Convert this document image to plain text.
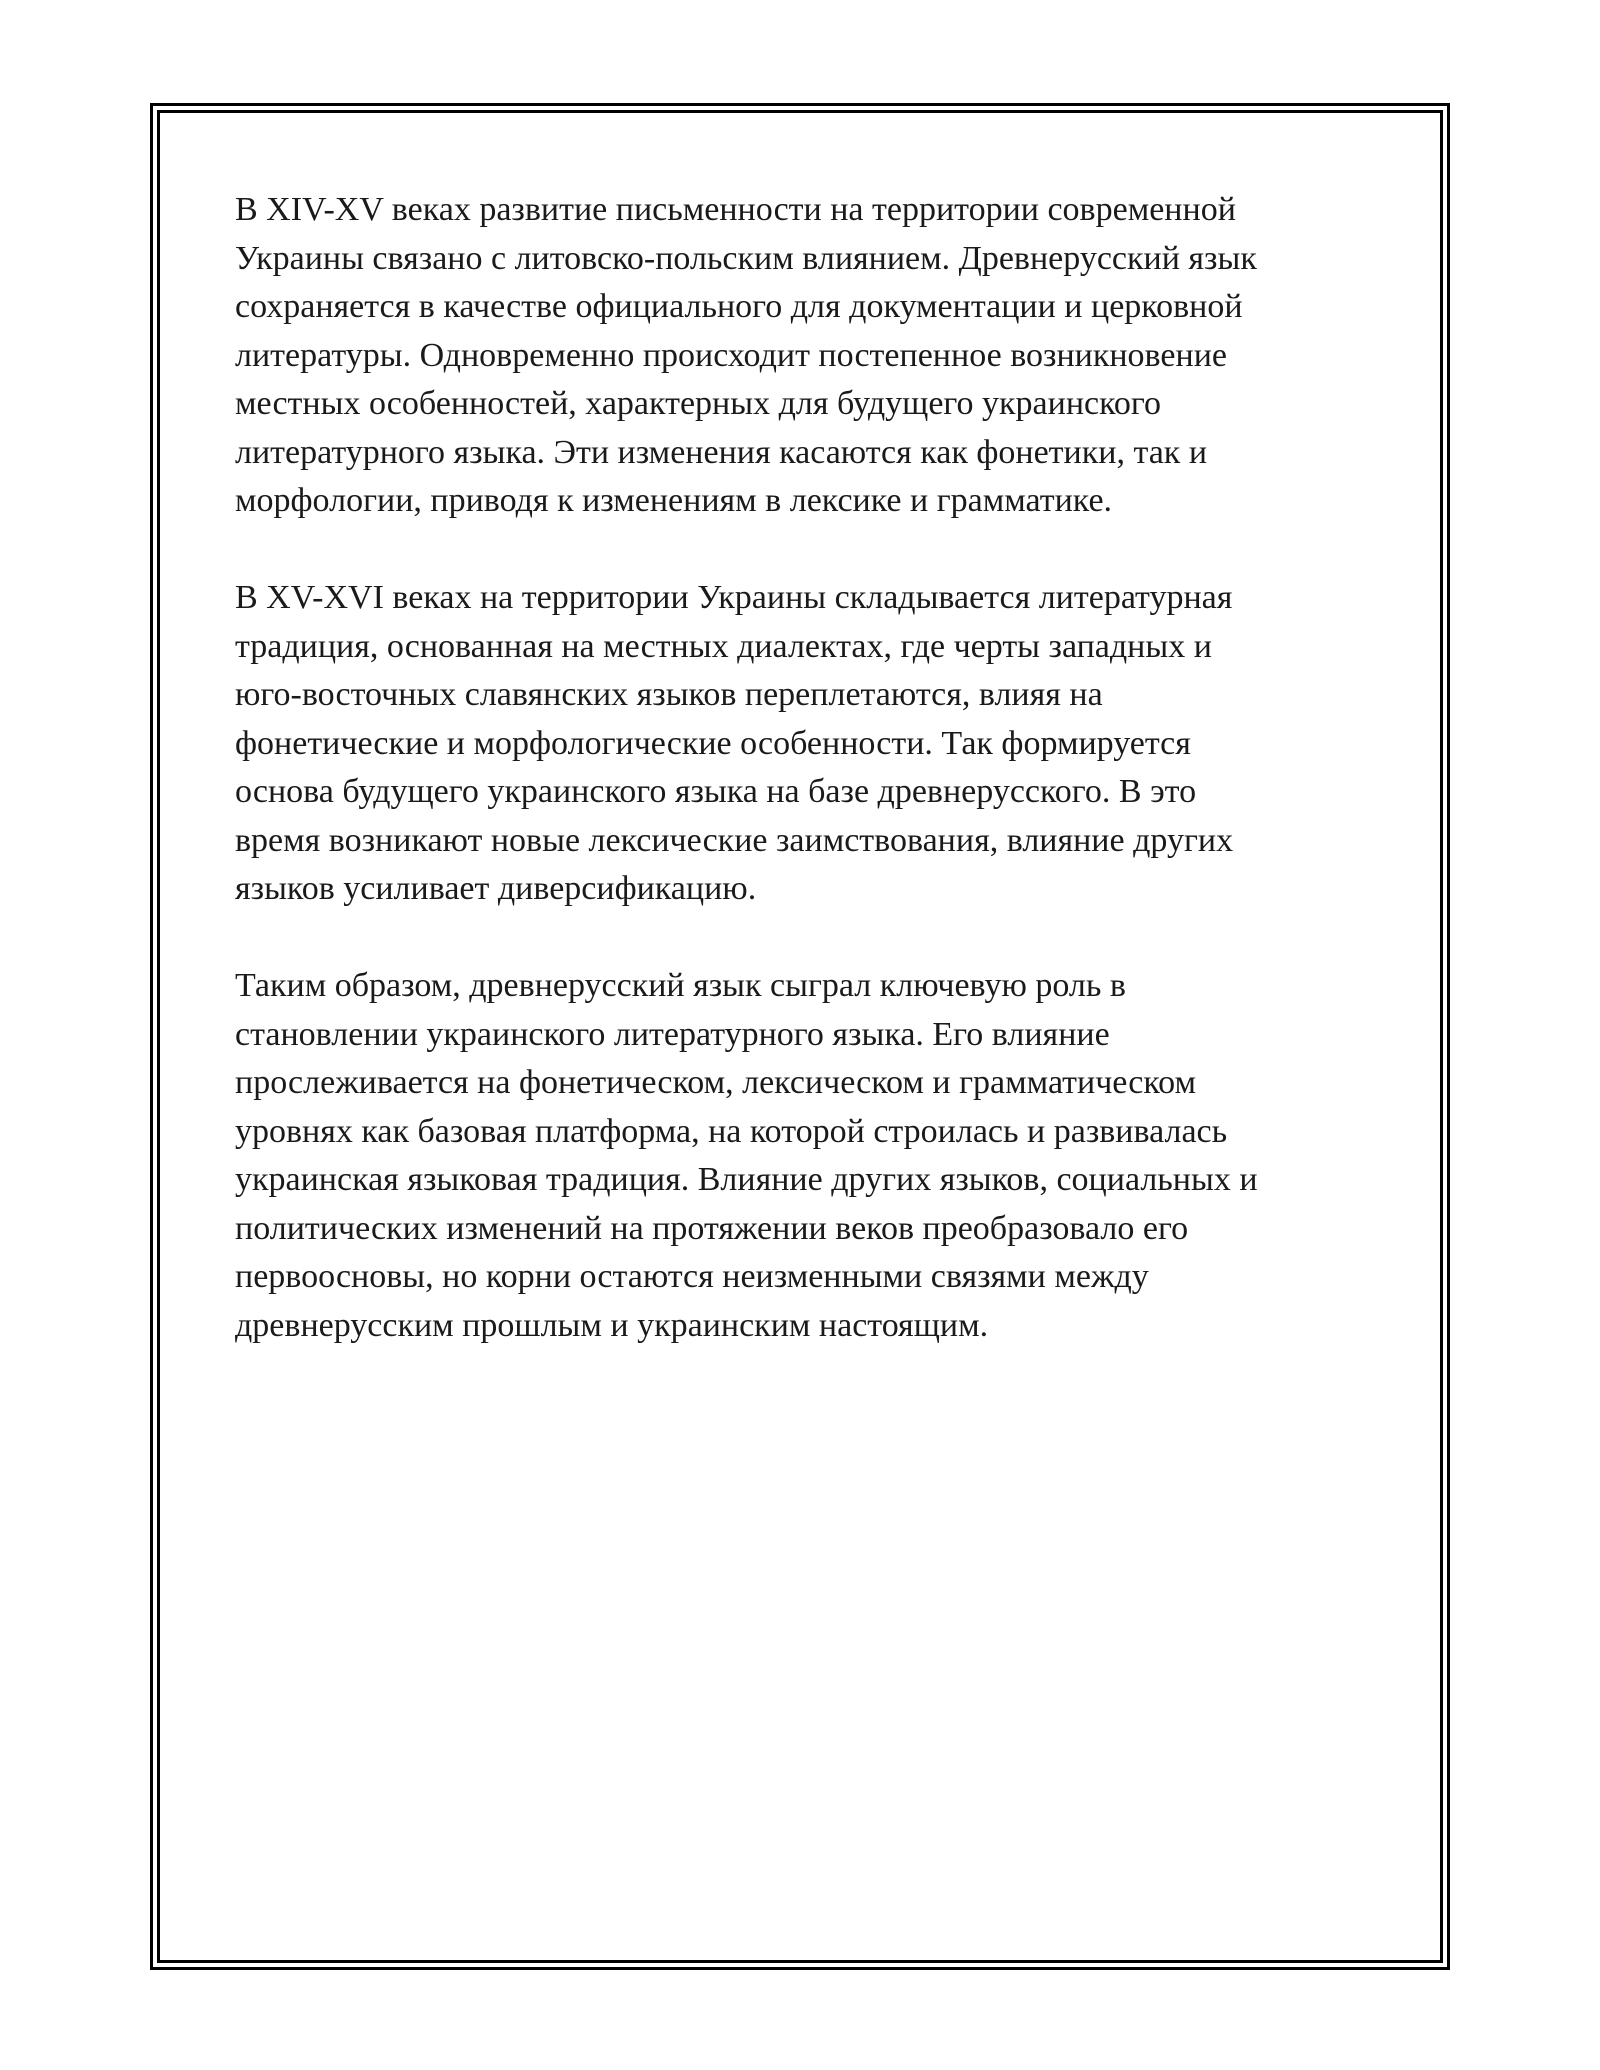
В XIV-XV веках развитие письменности на территории современной
Украины связано с литовско-польским влиянием. Древнерусский язык
сохраняется в качестве официального для документации и церковной
литературы. Одновременно происходит постепенное возникновение
местных особенностей, характерных для будущего украинского
литературного языка. Эти изменения касаются как фонетики, так и
морфологии, приводя к изменениям в лексике и грамматике.

В XV-XVI веках на территории Украины складывается литературная
традиция, основанная на местных диалектах, где черты западных и
юго-восточных славянских языков переплетаются, влияя на
фонетические и морфологические особенности. Так формируется
основа будущего украинского языка на базе древнерусского. В это
время возникают новые лексические заимствования, влияние других
языков усиливает диверсификацию.

Таким образом, древнерусский язык сыграл ключевую роль в
становлении украинского литературного языка. Его влияние
прослеживается на фонетическом, лексическом и грамматическом
уровнях как базовая платформа, на которой строилась и развивалась
украинская языковая традиция. Влияние других языков, социальных и
политических изменений на протяжении веков преобразовало его
первоосновы, но корни остаются неизменными связями между
древнерусским прошлым и украинским настоящим.
